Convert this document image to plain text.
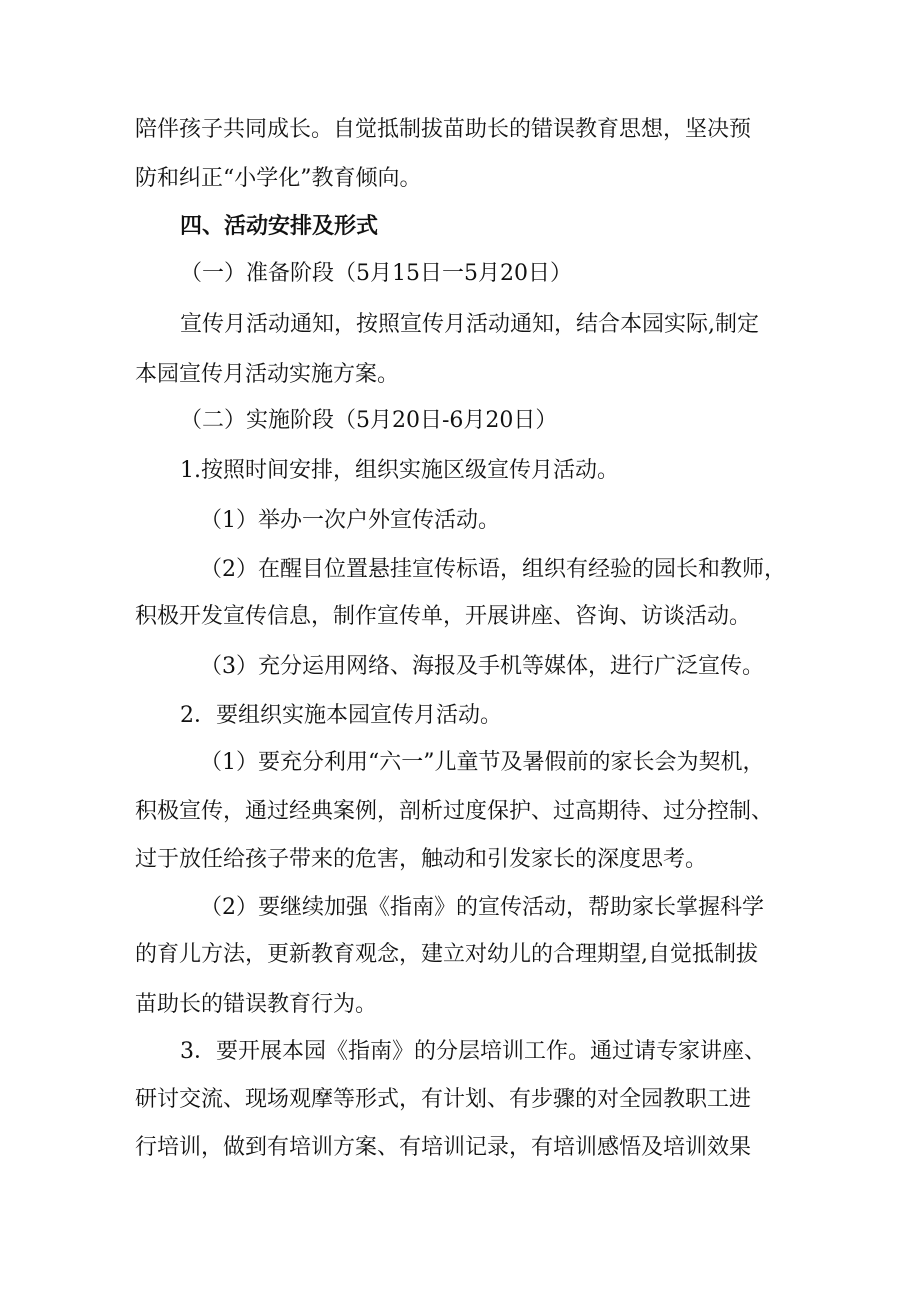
陪伴孩子共同成长。自觉抵制拔苗助长的错误教育思想，坚决预
防和纠正“小学化”教育倾向。
四、活动安排及形式
（一）准备阶段（5月15日一5月20日）
宣传月活动通知，按照宣传月活动通知，结合本园实际,制定
本园宣传月活动实施方案。
（二）实施阶段（5月20日-6月20日）
1.按照时间安排，组织实施区级宣传月活动。
（1）举办一次户外宣传活动。
（2）在醒目位置悬挂宣传标语，组织有经验的园长和教师，
积极开发宣传信息，制作宣传单，开展讲座、咨询、访谈活动。
（3）充分运用网络、海报及手机等媒体，进行广泛宣传。
2．要组织实施本园宣传月活动。
（1）要充分利用“六一”儿童节及暑假前的家长会为契机，
积极宣传，通过经典案例，剖析过度保护、过高期待、过分控制、
过于放任给孩子带来的危害，触动和引发家长的深度思考。
（2）要继续加强《指南》的宣传活动，帮助家长掌握科学
的育儿方法，更新教育观念，建立对幼儿的合理期望,自觉抵制拔
苗助长的错误教育行为。
3．要开展本园《指南》的分层培训工作。通过请专家讲座、
研讨交流、现场观摩等形式，有计划、有步骤的对全园教职工进
行培训，做到有培训方案、有培训记录，有培训感悟及培训效果
